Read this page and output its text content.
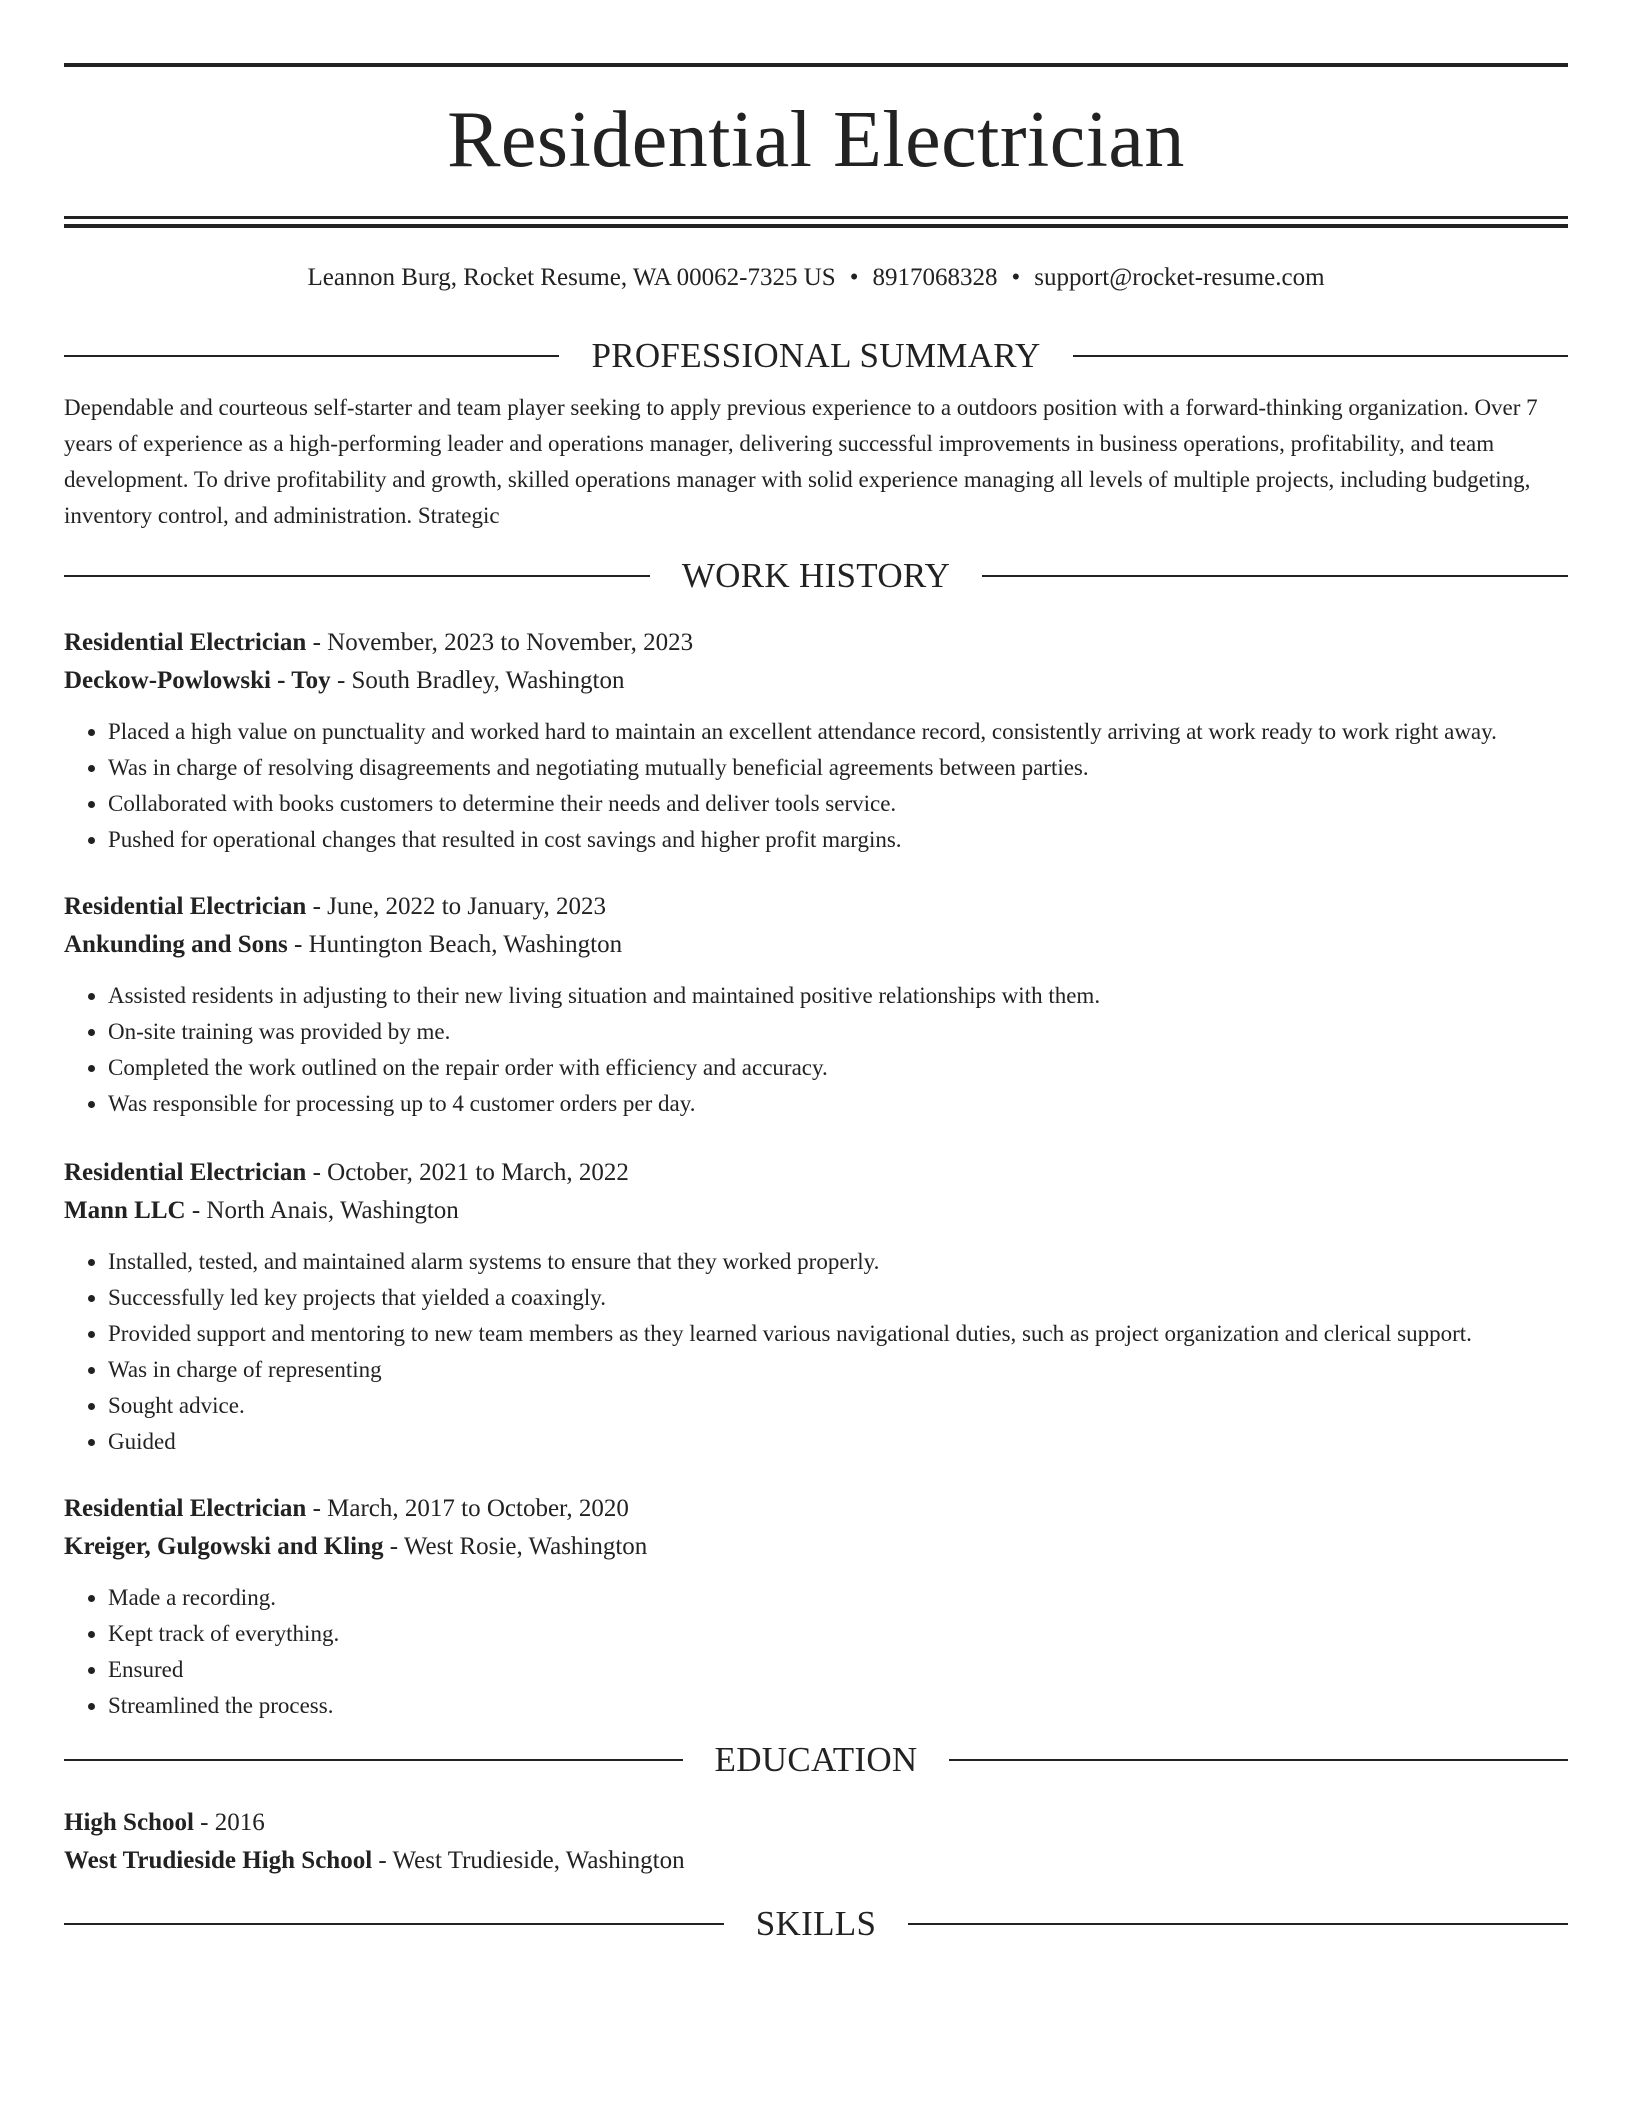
Residential Electrician
Leannon Burg, Rocket Resume, WA 00062-7325 US • 8917068328 • support@rocket-resume.com
PROFESSIONAL SUMMARY
Dependable and courteous self-starter and team player seeking to apply previous experience to a outdoors position with a forward-thinking organization. Over 7 years of experience as a high-performing leader and operations manager, delivering successful improvements in business operations, profitability, and team development. To drive profitability and growth, skilled operations manager with solid experience managing all levels of multiple projects, including budgeting, inventory control, and administration. Strategic
WORK HISTORY
Residential Electrician - November, 2023 to November, 2023
Deckow-Powlowski - Toy - South Bradley, Washington
• Placed a high value on punctuality and worked hard to maintain an excellent attendance record, consistently arriving at work ready to work right away.
• Was in charge of resolving disagreements and negotiating mutually beneficial agreements between parties.
• Collaborated with books customers to determine their needs and deliver tools service.
• Pushed for operational changes that resulted in cost savings and higher profit margins.
Residential Electrician - June, 2022 to January, 2023
Ankunding and Sons - Huntington Beach, Washington
• Assisted residents in adjusting to their new living situation and maintained positive relationships with them.
• On-site training was provided by me.
• Completed the work outlined on the repair order with efficiency and accuracy.
• Was responsible for processing up to 4 customer orders per day.
Residential Electrician - October, 2021 to March, 2022
Mann LLC - North Anais, Washington
• Installed, tested, and maintained alarm systems to ensure that they worked properly.
• Successfully led key projects that yielded a coaxingly.
• Provided support and mentoring to new team members as they learned various navigational duties, such as project organization and clerical support.
• Was in charge of representing
• Sought advice.
• Guided
Residential Electrician - March, 2017 to October, 2020
Kreiger, Gulgowski and Kling - West Rosie, Washington
• Made a recording.
• Kept track of everything.
• Ensured
• Streamlined the process.
EDUCATION
High School - 2016
West Trudieside High School - West Trudieside, Washington
SKILLS
